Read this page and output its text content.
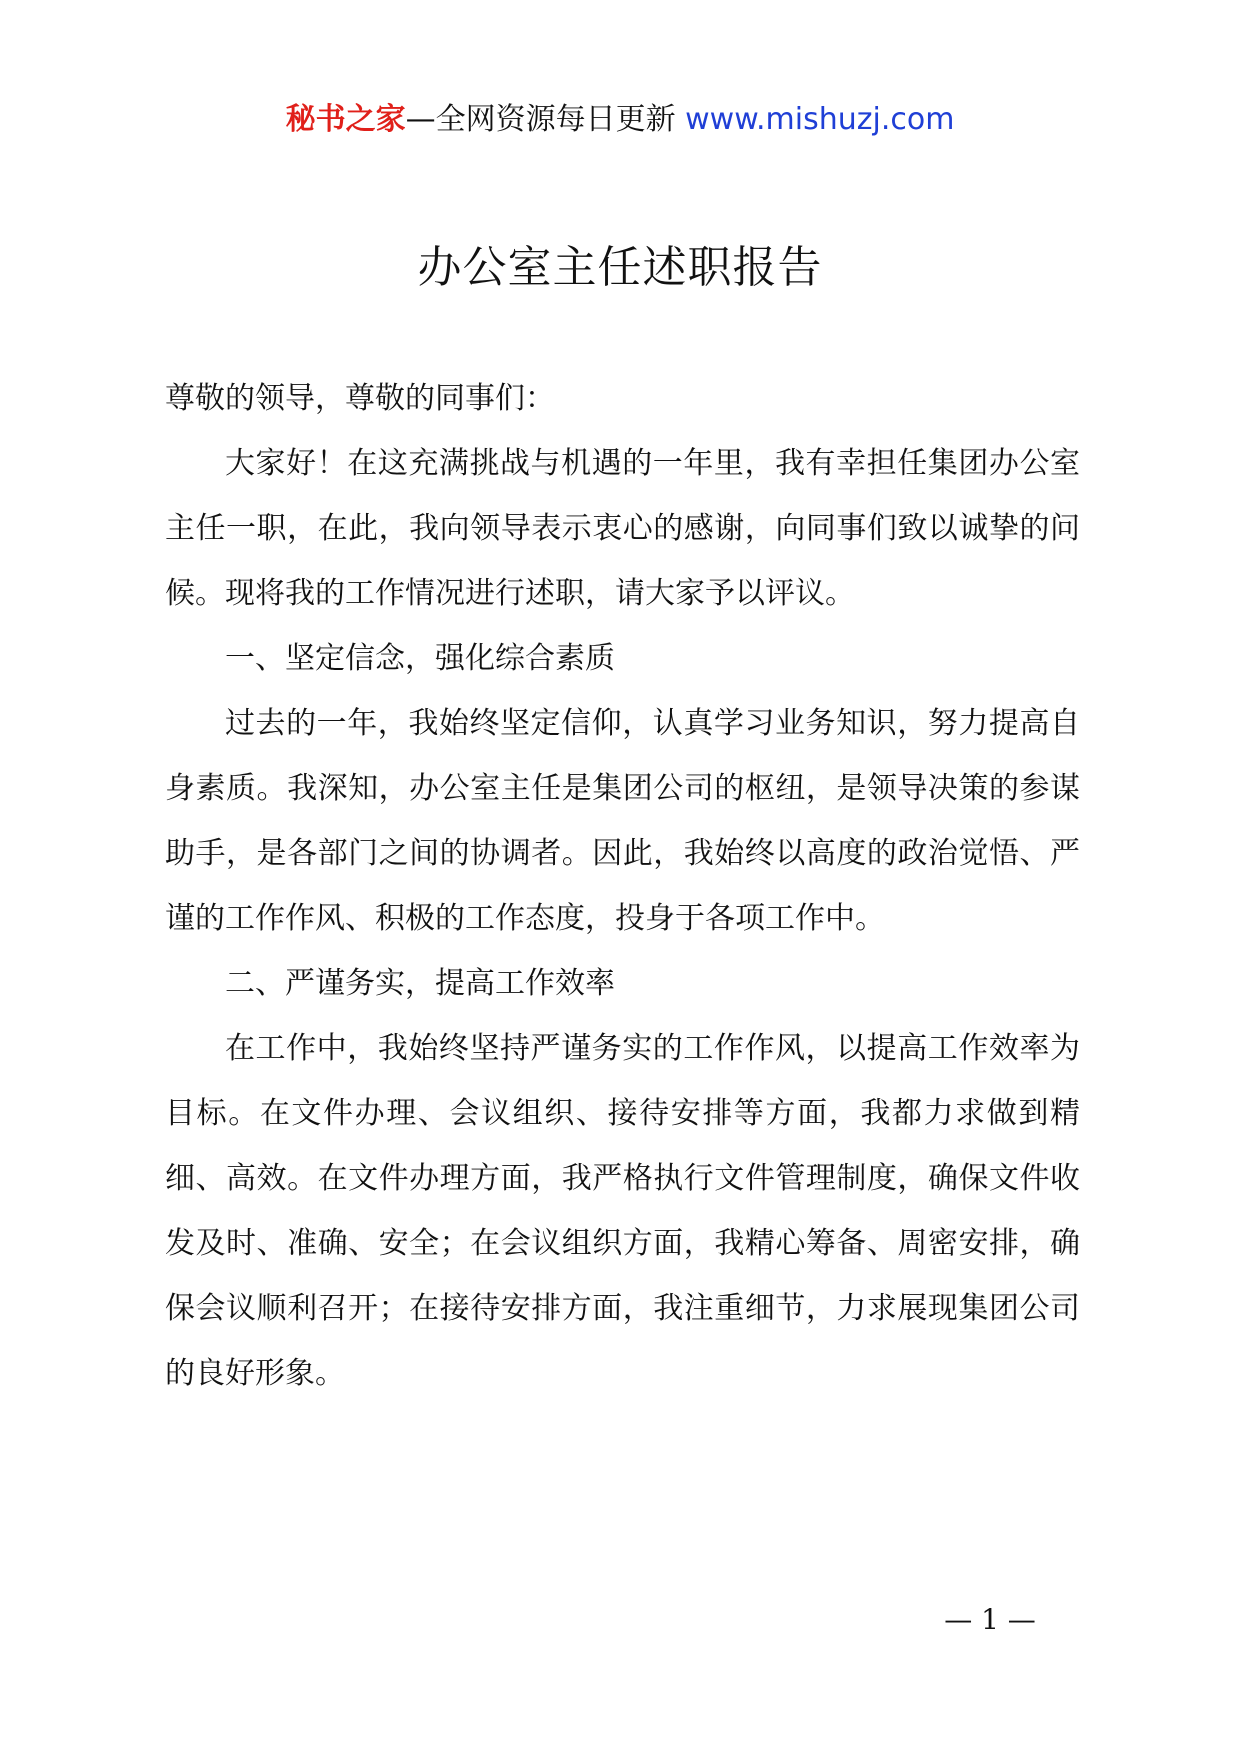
秘书之家—全网资源每日更新 www.mishuzj.com
办公室主任述职报告

尊敬的领导，尊敬的同事们：

大家好！在这充满挑战与机遇的一年里，我有幸担任集团办公室主任一职，在此，我向领导表示衷心的感谢，向同事们致以诚挚的问候。现将我的工作情况进行述职，请大家予以评议。

一、坚定信念，强化综合素质

过去的一年，我始终坚定信仰，认真学习业务知识，努力提高自身素质。我深知，办公室主任是集团公司的枢纽，是领导决策的参谋助手，是各部门之间的协调者。因此，我始终以高度的政治觉悟、严谨的工作作风、积极的工作态度，投身于各项工作中。

二、严谨务实，提高工作效率

在工作中，我始终坚持严谨务实的工作作风，以提高工作效率为目标。在文件办理、会议组织、接待安排等方面，我都力求做到精细、高效。在文件办理方面，我严格执行文件管理制度，确保文件收发及时、准确、安全；在会议组织方面，我精心筹备、周密安排，确保会议顺利召开；在接待安排方面，我注重细节，力求展现集团公司的良好形象。

— 1 —
